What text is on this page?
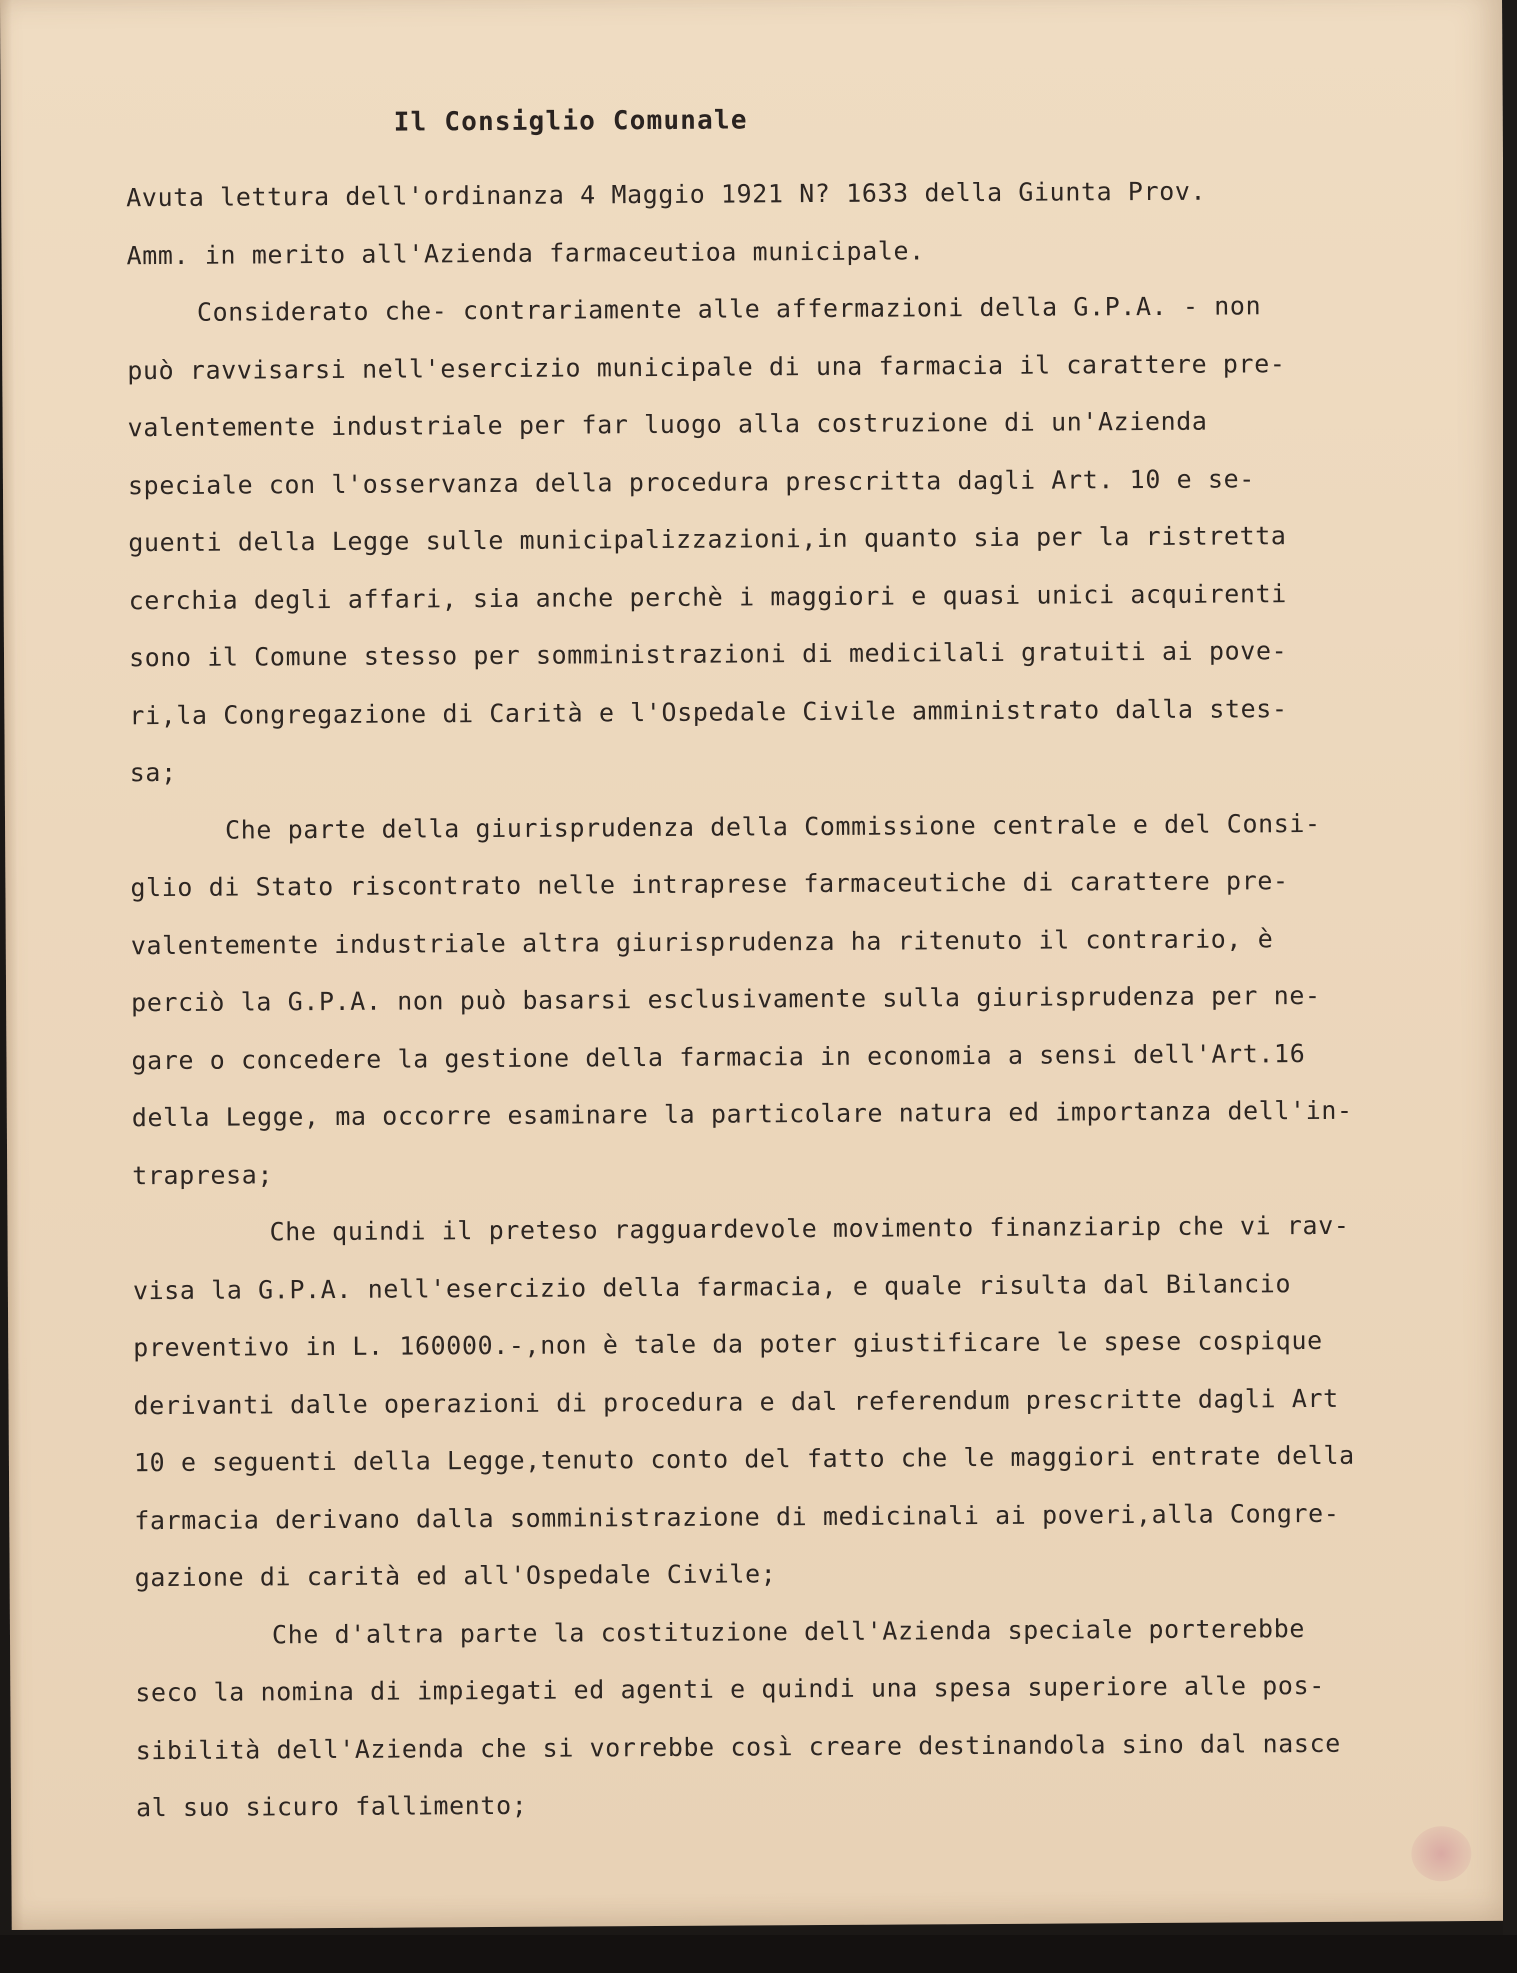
Il Consiglio Comunale

Avuta lettura dell'ordinanza 4 Maggio 1921 N? 1633 della Giunta Prov.
Amm. in merito all'Azienda farmaceutioa municipale.

Considerato che- contrariamente alle affermazioni della G.P.A. - non
può ravvisarsi nell'esercizio municipale di una farmacia il carattere pre-
valentemente industriale per far luogo alla costruzione di un'Azienda
speciale con l'osservanza della procedura prescritta dagli Art. 10 e se-
guenti della Legge sulle municipalizzazioni,in quanto sia per la ristretta
cerchia degli affari, sia anche perchè i maggiori e quasi unici acquirenti
sono il Comune stesso per somministrazioni di medicilali gratuiti ai pove-
ri,la Congregazione di Carità e l'Ospedale Civile amministrato dalla stes-
sa;

Che parte della giurisprudenza della Commissione centrale e del Consi-
glio di Stato riscontrato nelle intraprese farmaceutiche di carattere pre-
valentemente industriale altra giurisprudenza ha ritenuto il contrario, è
perciò la G.P.A. non può basarsi esclusivamente sulla giurisprudenza per ne-
gare o concedere la gestione della farmacia in economia a sensi dell'Art.16
della Legge, ma occorre esaminare la particolare natura ed importanza dell'in-
trapresa;

Che quindi il preteso ragguardevole movimento finanziarip che vi rav-
visa la G.P.A. nell'esercizio della farmacia, e quale risulta dal Bilancio
preventivo in L. 160000.-,non è tale da poter giustificare le spese cospique
derivanti dalle operazioni di procedura e dal referendum prescritte dagli Art
10 e seguenti della Legge,tenuto conto del fatto che le maggiori entrate della
farmacia derivano dalla somministrazione di medicinali ai poveri,alla Congre-
gazione di carità ed all'Ospedale Civile;

Che d'altra parte la costituzione dell'Azienda speciale porterebbe
seco la nomina di impiegati ed agenti e quindi una spesa superiore alle pos-
sibilità dell'Azienda che si vorrebbe così creare destinandola sino dal nasce
al suo sicuro fallimento;
